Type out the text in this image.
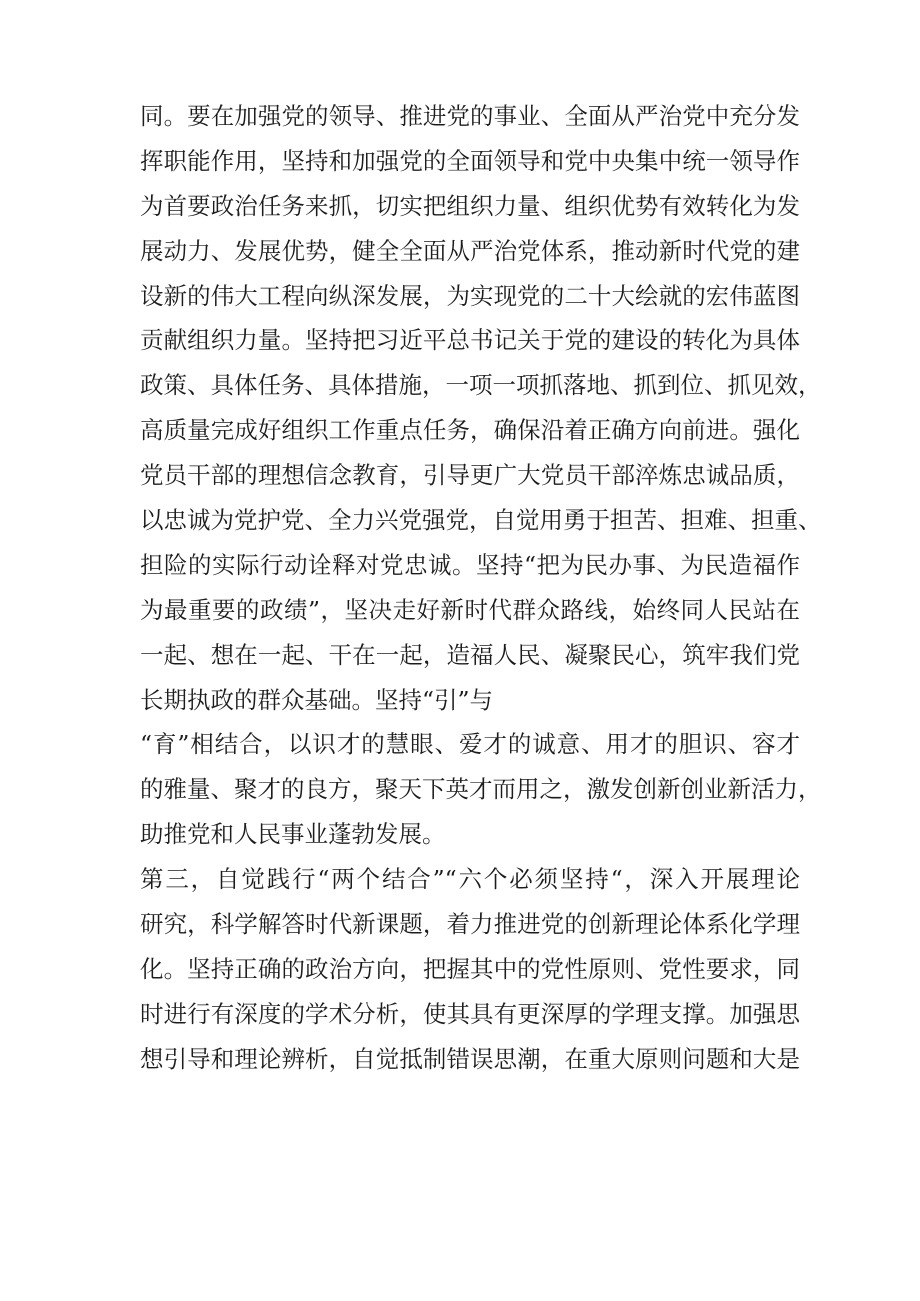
同。要在加强党的领导、推进党的事业、全面从严治党中充分发
挥职能作用，坚持和加强党的全面领导和党中央集中统一领导作
为首要政治任务来抓，切实把组织力量、组织优势有效转化为发
展动力、发展优势，健全全面从严治党体系，推动新时代党的建
设新的伟大工程向纵深发展，为实现党的二十大绘就的宏伟蓝图
贡献组织力量。坚持把习近平总书记关于党的建设的转化为具体
政策、具体任务、具体措施，一项一项抓落地、抓到位、抓见效，
高质量完成好组织工作重点任务，确保沿着正确方向前进。强化
党员干部的理想信念教育，引导更广大党员干部淬炼忠诚品质，
以忠诚为党护党、全力兴党强党，自觉用勇于担苦、担难、担重、
担险的实际行动诠释对党忠诚。坚持“把为民办事、为民造福作
为最重要的政绩”，坚决走好新时代群众路线，始终同人民站在
一起、想在一起、干在一起，造福人民、凝聚民心，筑牢我们党
长期执政的群众基础。坚持“引”与
“育”相结合，以识才的慧眼、爱才的诚意、用才的胆识、容才
的雅量、聚才的良方，聚天下英才而用之，激发创新创业新活力，
助推党和人民事业蓬勃发展。
第三，自觉践行“两个结合”“六个必须坚持“，深入开展理论
研究，科学解答时代新课题，着力推进党的创新理论体系化学理
化。坚持正确的政治方向，把握其中的党性原则、党性要求，同
时进行有深度的学术分析，使其具有更深厚的学理支撑。加强思
想引导和理论辨析，自觉抵制错误思潮，在重大原则问题和大是
